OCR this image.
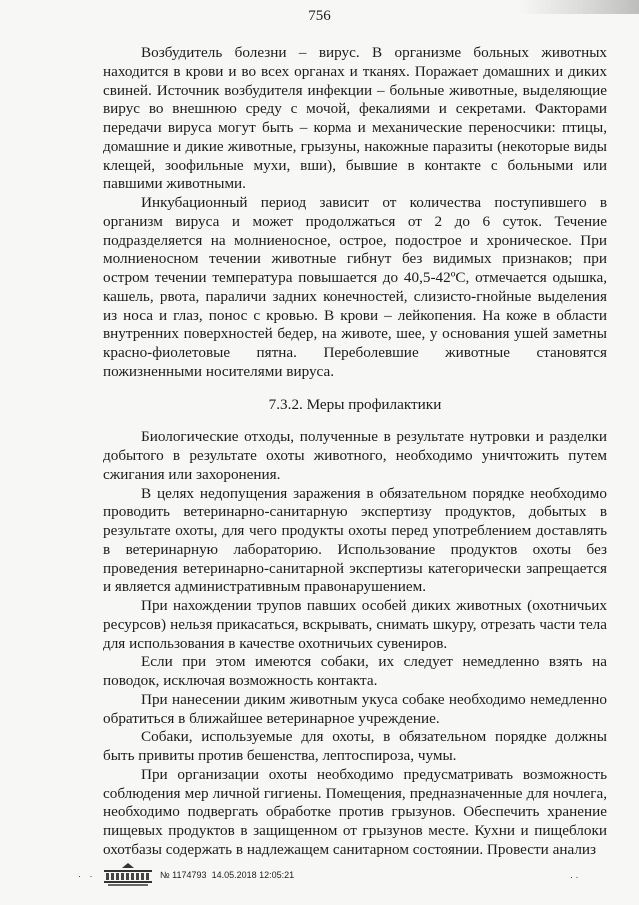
756

Возбудитель болезни – вирус. В организме больных животных находится в крови и во всех органах и тканях. Поражает домашних и диких свиней. Источник возбудителя инфекции – больные животные, выделяющие вирус во внешнюю среду с мочой, фекалиями и секретами. Факторами передачи вируса могут быть – корма и механические переносчики: птицы, домашние и дикие животные, грызуны, накожные паразиты (некоторые виды клещей, зоофильные мухи, вши), бывшие в контакте с больными или павшими животными.

Инкубационный период зависит от количества поступившего в организм вируса и может продолжаться от 2 до 6 суток. Течение подразделяется на молниеносное, острое, подострое и хроническое. При молниеносном течении животные гибнут без видимых признаков; при остром течении температура повышается до 40,5-42ºС, отмечается одышка, кашель, рвота, параличи задних конечностей, слизисто-гнойные выделения из носа и глаз, понос с кровью. В крови – лейкопения. На коже в области внутренних поверхностей бедер, на животе, шее, у основания ушей заметны красно-фиолетовые пятна. Переболевшие животные становятся пожизненными носителями вируса.

7.3.2. Меры профилактики

Биологические отходы, полученные в результате нутровки и разделки добытого в результате охоты животного, необходимо уничтожить путем сжигания или захоронения.

В целях недопущения заражения в обязательном порядке необходимо проводить ветеринарно-санитарную экспертизу продуктов, добытых в результате охоты, для чего продукты охоты перед употреблением доставлять в ветеринарную лабораторию. Использование продуктов охоты без проведения ветеринарно-санитарной экспертизы категорически запрещается и является административным правонарушением.

При нахождении трупов павших особей диких животных (охотничьих ресурсов) нельзя прикасаться, вскрывать, снимать шкуру, отрезать части тела для использования в качестве охотничьих сувениров.

Если при этом имеются собаки, их следует немедленно взять на поводок, исключая возможность контакта.

При нанесении диким животным укуса собаке необходимо немедленно обратиться в ближайшее ветеринарное учреждение.

Собаки, используемые для охоты, в обязательном порядке должны быть привиты против бешенства, лептоспироза, чумы.

При организации охоты необходимо предусматривать возможность соблюдения мер личной гигиены. Помещения, предназначенные для ночлега, необходимо подвергать обработке против грызунов. Обеспечить хранение пищевых продуктов в защищенном от грызунов месте. Кухни и пищеблоки охотбазы содержать в надлежащем санитарном состоянии. Провести анализ

· ·	№ 1174793 14.05.2018 12:05:21	· ·
